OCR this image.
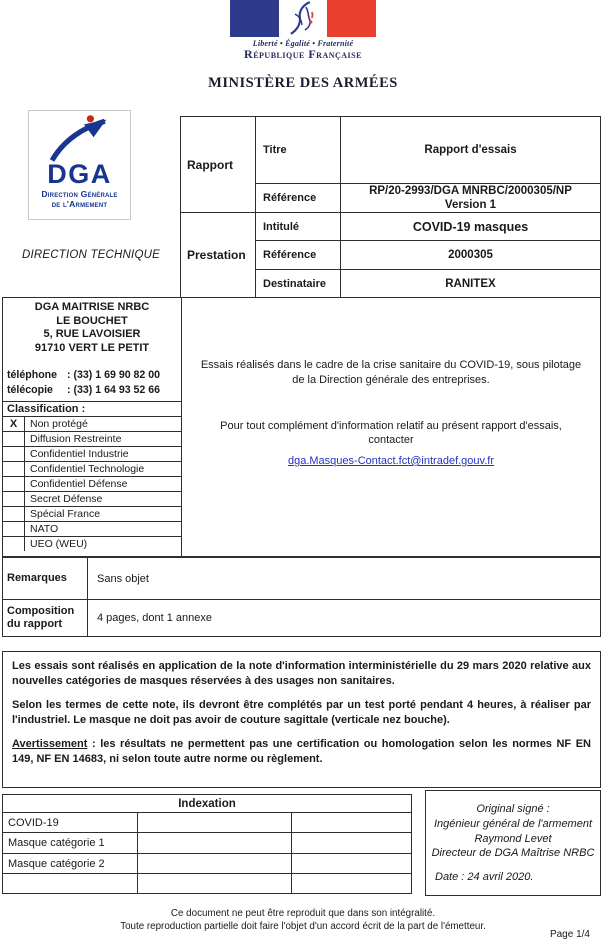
Liberté • Égalité • Fraternité
République Française
MINISTÈRE DES ARMÉES
DGA
Direction Générale
de l'Armement
DIRECTION TECHNIQUE
Rapport	Titre	Rapport d'essais
	Référence	RP/20-2993/DGA MNRBC/2000305/NP
Version 1

Prestation	Intitulé	COVID-19 masques
	Référence	2000305
	Destinataire	RANITEX
DGA MAITRISE NRBC
LE BOUCHET
5, RUE LAVOISIER
91710 VERT LE PETIT
téléphone : (33) 1 69 90 82 00
télécopie	: (33) 1 64 93 52 66
Classification :
X	Non protégé
Diffusion Restreinte
Confidentiel Industrie
Confidentiel Technologie
Confidentiel Défense
Secret Défense
Spécial France
NATO
UEO (WEU)
Essais réalisés dans le cadre de la crise sanitaire du COVID-19, sous pilotage de la Direction générale des entreprises.
Pour tout complément d'information relatif au présent rapport d'essais, contacter
dga.Masques-Contact.fct@intradef.gouv.fr
Remarques	Sans objet
Composition du rapport	4 pages, dont 1 annexe

Les essais sont réalisés en application de la note d'information interministérielle du 29 mars 2020 relative aux nouvelles catégories de masques réservées à des usages non sanitaires.

Selon les termes de cette note, ils devront être complétés par un test porté pendant 4 heures, à réaliser par l'industriel. Le masque ne doit pas avoir de couture sagittale (verticale nez bouche).

Avertissement : les résultats ne permettent pas une certification ou homologation selon les normes NF EN 149, NF EN 14683, ni selon toute autre norme ou règlement.

Indexation		
COVID-19		
Masque catégorie 1		
Masque catégorie 2		

Original signé :
Ingénieur général de l'armement
Raymond Levet
Directeur de DGA Maîtrise NRBC
Date : 24 avril 2020.
Ce document ne peut être reproduit que dans son intégralité.
Toute reproduction partielle doit faire l'objet d'un accord écrit de la part de l'émetteur.
Page 1/4
